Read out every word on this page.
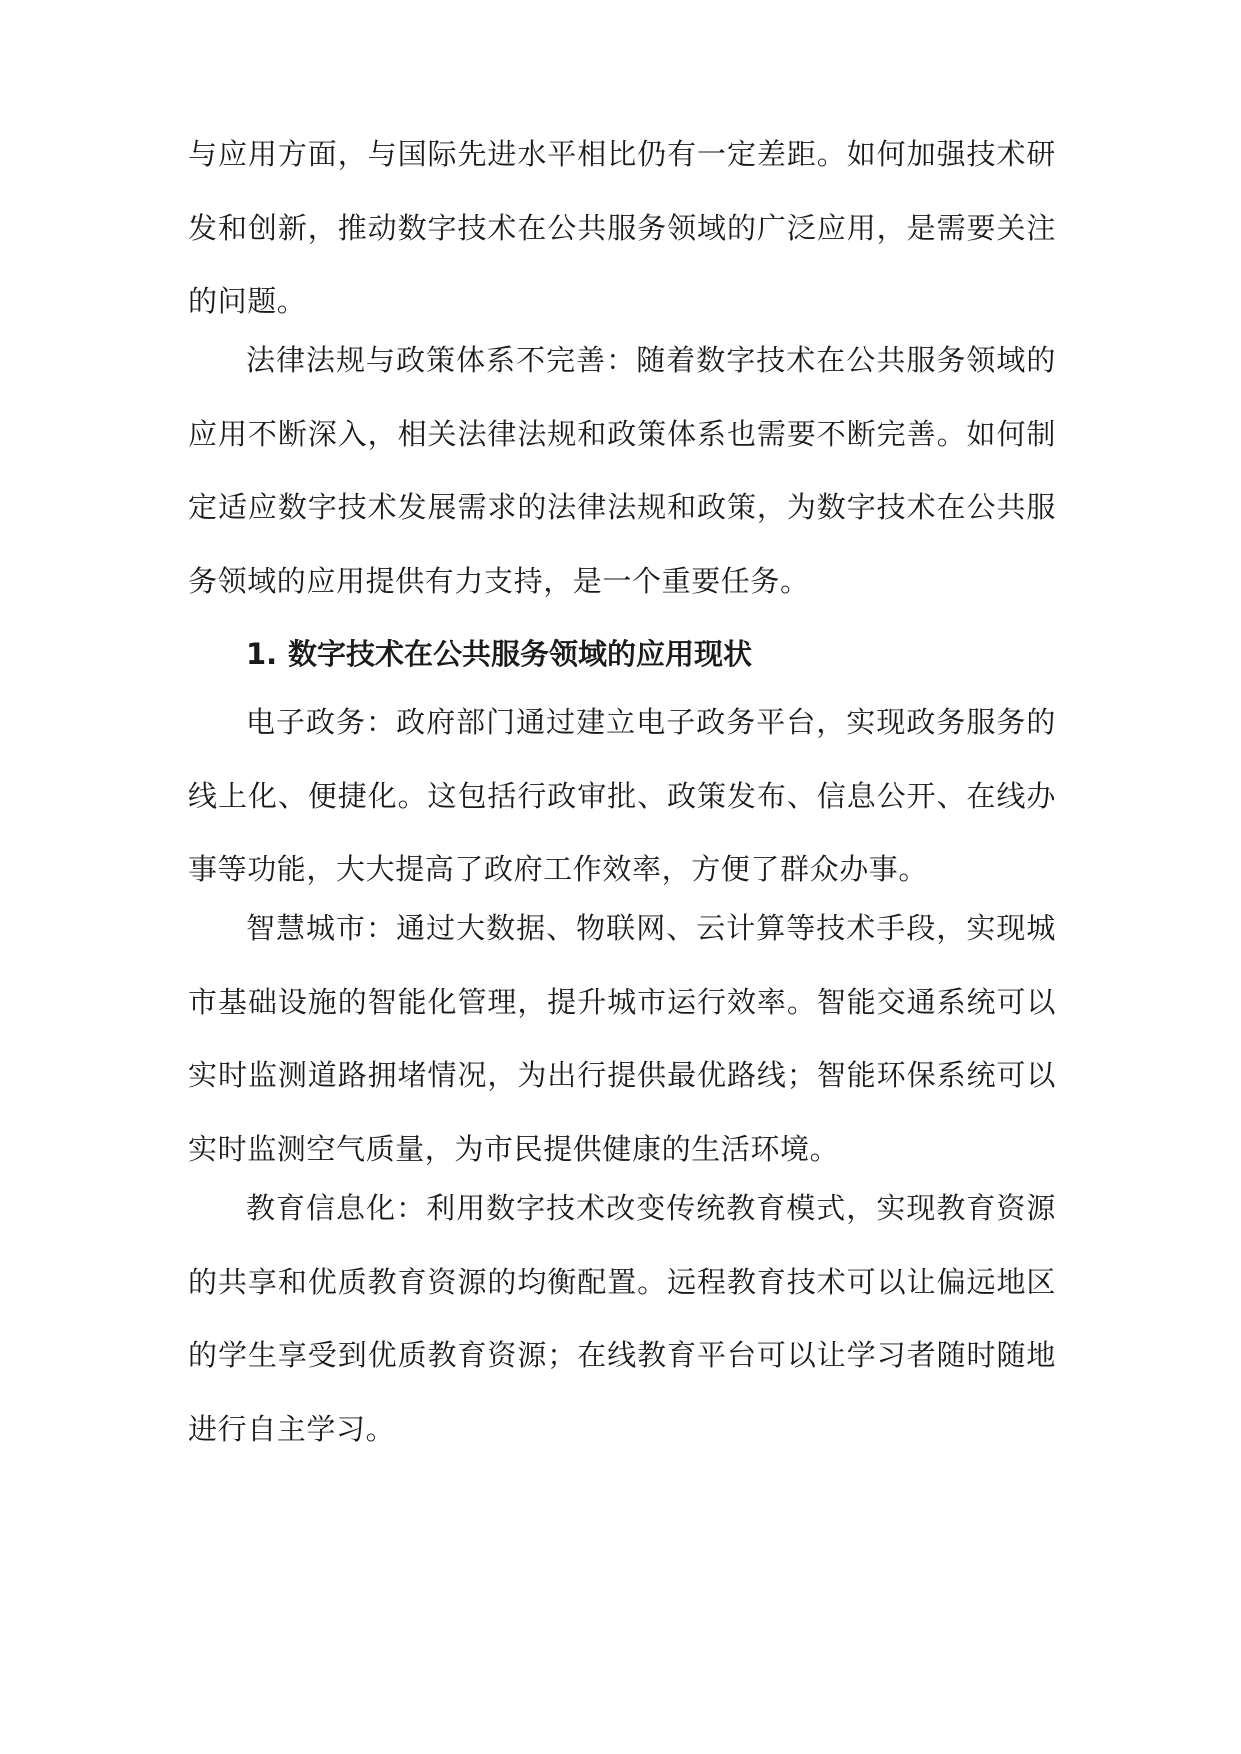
与应用方面，与国际先进水平相比仍有一定差距。如何加强技术研发和创新，推动数字技术在公共服务领域的广泛应用，是需要关注的问题。

法律法规与政策体系不完善：随着数字技术在公共服务领域的应用不断深入，相关法律法规和政策体系也需要不断完善。如何制定适应数字技术发展需求的法律法规和政策，为数字技术在公共服务领域的应用提供有力支持，是一个重要任务。

1. 数字技术在公共服务领域的应用现状

电子政务：政府部门通过建立电子政务平台，实现政务服务的线上化、便捷化。这包括行政审批、政策发布、信息公开、在线办事等功能，大大提高了政府工作效率，方便了群众办事。

智慧城市：通过大数据、物联网、云计算等技术手段，实现城市基础设施的智能化管理，提升城市运行效率。智能交通系统可以实时监测道路拥堵情况，为出行提供最优路线；智能环保系统可以实时监测空气质量，为市民提供健康的生活环境。

教育信息化：利用数字技术改变传统教育模式，实现教育资源的共享和优质教育资源的均衡配置。远程教育技术可以让偏远地区的学生享受到优质教育资源；在线教育平台可以让学习者随时随地进行自主学习。
